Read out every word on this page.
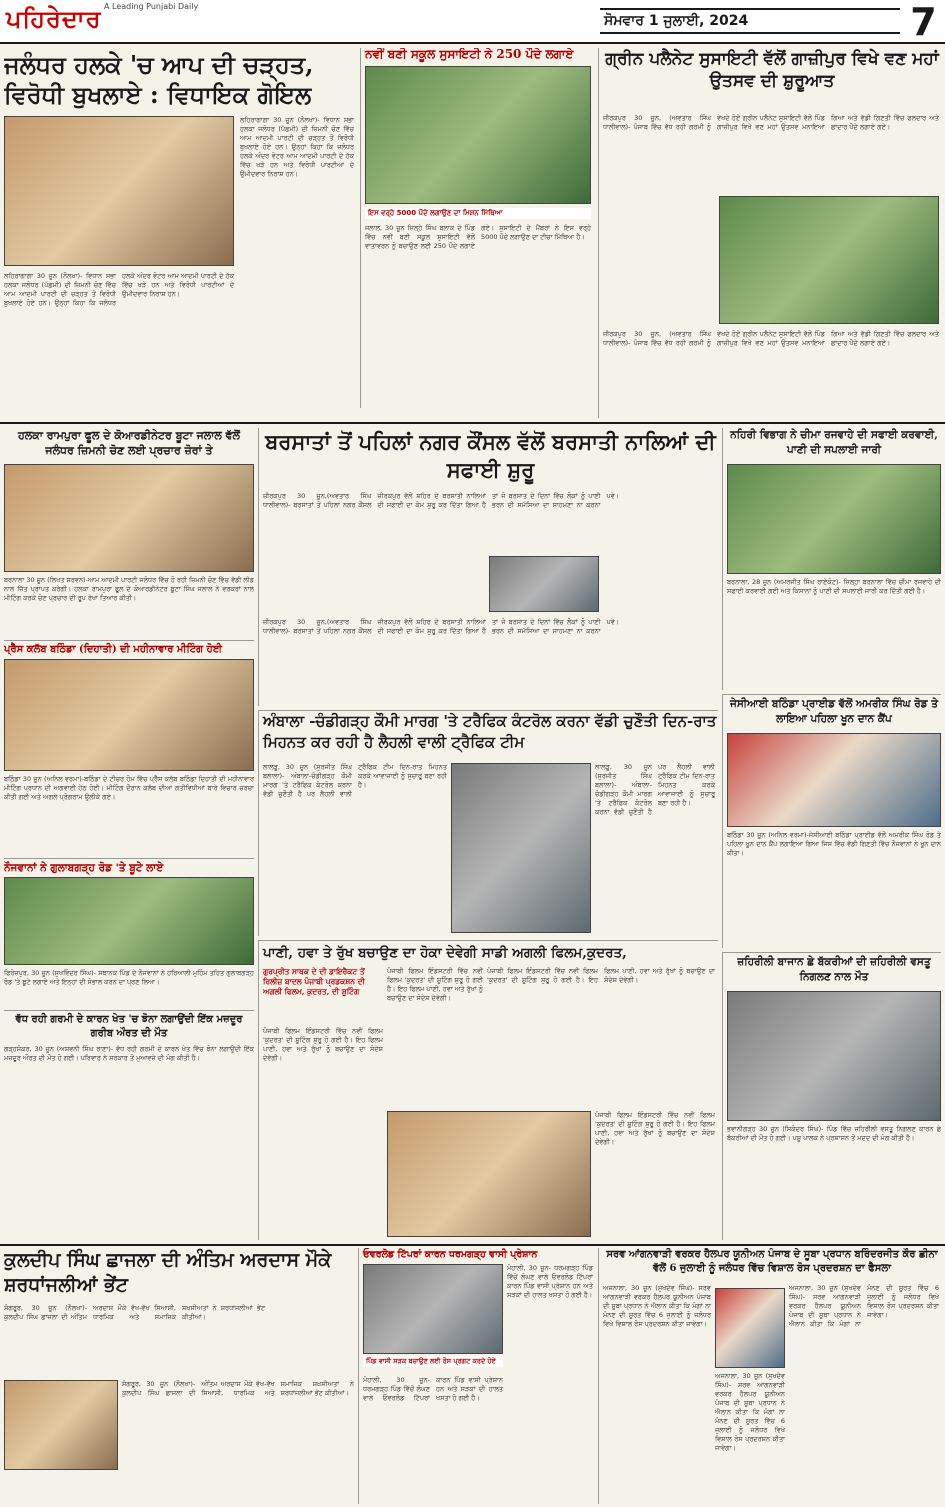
ਪਹਿਰੇਦਾਰ A Leading Punjabi Daily
ਸੋਮਵਾਰ 1 ਜੁਲਾਈ, 2024	7
ਜਲੰਧਰ ਹਲਕੇ 'ਚ ਆਪ ਦੀ ਚੜ੍ਹਤ, ਵਿਰੋਧੀ ਬੁਖਲਾਏ : ਵਿਧਾਇਕ ਗੋਇਲ
ਲਹਿਰਾਗਾਗਾ 30 ਜੂਨ (ਨੌਲਖਾ)- ਵਿਧਾਨ ਸਭਾ ਹਲਕਾ ਜਲੰਧਰ (ਪੱਛਮੀ) ਦੀ ਜ਼ਿਮਨੀ ਚੋਣ ਵਿੱਚ ਆਮ ਆਦਮੀ ਪਾਰਟੀ ਦੀ ਚੜ੍ਹਤ ਤੋਂ ਵਿਰੋਧੀ ਬੁਖਲਾਏ ਹੋਏ ਹਨ। ਉਨ੍ਹਾਂ ਕਿਹਾ ਕਿ ਜਲੰਧਰ ਹਲਕੇ ਅੰਦਰ ਵੋਟਰ ਆਮ ਆਦਮੀ ਪਾਰਟੀ ਦੇ ਹੱਕ ਵਿੱਚ ਖੜੇ ਹਨ ਅਤੇ ਵਿਰੋਧੀ ਪਾਰਟੀਆਂ ਦੇ ਉਮੀਦਵਾਰ ਨਿਰਾਸ਼ ਹਨ।
ਲਹਿਰਾਗਾਗਾ 30 ਜੂਨ (ਨੌਲਖਾ)- ਵਿਧਾਨ ਸਭਾ ਹਲਕਾ ਜਲੰਧਰ (ਪੱਛਮੀ) ਦੀ ਜ਼ਿਮਨੀ ਚੋਣ ਵਿੱਚ ਆਮ ਆਦਮੀ ਪਾਰਟੀ ਦੀ ਚੜ੍ਹਤ ਤੋਂ ਵਿਰੋਧੀ ਬੁਖਲਾਏ ਹੋਏ ਹਨ। ਉਨ੍ਹਾਂ ਕਿਹਾ ਕਿ ਜਲੰਧਰ ਹਲਕੇ ਅੰਦਰ ਵੋਟਰ ਆਮ ਆਦਮੀ ਪਾਰਟੀ ਦੇ ਹੱਕ ਵਿੱਚ ਖੜੇ ਹਨ ਅਤੇ ਵਿਰੋਧੀ ਪਾਰਟੀਆਂ ਦੇ ਉਮੀਦਵਾਰ ਨਿਰਾਸ਼ ਹਨ।
ਨਵੀਂ ਬਣੀ ਸਕੂਲ ਸੁਸਾਇਟੀ ਨੇ 250 ਪੌਦੇ ਲਗਾਏ
ਇਸ ਵਰ੍ਹੇ 5000 ਪੌਦੇ ਲਗਾਉਣ ਦਾ ਮਿਸ਼ਨ ਮਿੱਥਿਆ
ਜਲਾਲ, 30 ਜੂਨ ਜ਼ਿਲ੍ਹੇ ਸਿੰਘ ਬਲਾਕ ਦੇ ਪਿੰਡ ਵਿੱਚ ਨਵੀਂ ਬਣੀ ਸਕੂਲ ਸੁਸਾਇਟੀ ਵੱਲੋਂ ਵਾਤਾਵਰਨ ਨੂੰ ਬਚਾਉਣ ਲਈ 250 ਪੌਦੇ ਲਗਾਏ ਗਏ। ਸੁਸਾਇਟੀ ਦੇ ਮੈਂਬਰਾਂ ਨੇ ਇਸ ਵਰ੍ਹੇ 5000 ਪੌਦੇ ਲਗਾਉਣ ਦਾ ਟੀਚਾ ਮਿੱਥਿਆ ਹੈ।
ਗ੍ਰੀਨ ਪਲੈਨੇਟ ਸੁਸਾਇਟੀ ਵੱਲੋਂ ਗਾਜ਼ੀਪੁਰ ਵਿਖੇ ਵਣ ਮਹਾਂ ਉਤਸਵ ਦੀ ਸ਼ੁਰੂਆਤ
ਜ਼ੀਰਕਪੁਰ 30 ਜੂਨ, (ਅਵਤਾਰ ਸਿੰਘ ਧਾਲੀਵਾਲ)- ਪੰਜਾਬ ਵਿੱਚ ਵੱਧ ਰਹੀ ਗਰਮੀ ਨੂੰ ਵੇਖਦੇ ਹੋਏ ਗ੍ਰੀਨ ਪਲੈਨੇਟ ਸੁਸਾਇਟੀ ਵੱਲੋਂ ਪਿੰਡ ਗਾਜ਼ੀਪੁਰ ਵਿਖੇ ਵਣ ਮਹਾਂ ਉਤਸਵ ਮਨਾਇਆ ਗਿਆ ਅਤੇ ਵੱਡੀ ਗਿਣਤੀ ਵਿੱਚ ਫਲਦਾਰ ਅਤੇ ਛਾਂਦਾਰ ਪੌਦੇ ਲਗਾਏ ਗਏ।
ਜ਼ੀਰਕਪੁਰ 30 ਜੂਨ, (ਅਵਤਾਰ ਸਿੰਘ ਧਾਲੀਵਾਲ)- ਪੰਜਾਬ ਵਿੱਚ ਵੱਧ ਰਹੀ ਗਰਮੀ ਨੂੰ ਵੇਖਦੇ ਹੋਏ ਗ੍ਰੀਨ ਪਲੈਨੇਟ ਸੁਸਾਇਟੀ ਵੱਲੋਂ ਪਿੰਡ ਗਾਜ਼ੀਪੁਰ ਵਿਖੇ ਵਣ ਮਹਾਂ ਉਤਸਵ ਮਨਾਇਆ ਗਿਆ ਅਤੇ ਵੱਡੀ ਗਿਣਤੀ ਵਿੱਚ ਫਲਦਾਰ ਅਤੇ ਛਾਂਦਾਰ ਪੌਦੇ ਲਗਾਏ ਗਏ।
ਹਲਕਾ ਰਾਮਪੁਰਾ ਫੂਲ ਦੇ ਕੋਆਰਡੀਨੇਟਰ ਬੂਟਾ ਜਲਾਲ ਵੱਲੋਂ ਜਲੰਧਰ ਜ਼ਿਮਨੀ ਚੋਣ ਲਈ ਪ੍ਰਚਾਰ ਜ਼ੋਰਾਂ ਤੇ
ਬਰਨਾਲਾ 30 ਜੂਨ (ਲਿਖਤ ਸਰਵਨ)-ਆਮ ਆਦਮੀ ਪਾਰਟੀ ਜਲੰਧਰ ਵਿੱਚ ਹੋ ਰਹੀ ਜ਼ਿਮਨੀ ਚੋਣ ਵਿੱਚ ਵੱਡੀ ਲੀਡ ਨਾਲ ਜਿੱਤ ਪ੍ਰਾਪਤ ਕਰੇਗੀ। ਹਲਕਾ ਰਾਮਪੁਰਾ ਫੂਲ ਦੇ ਕੋਆਰਡੀਨੇਟਰ ਬੂਟਾ ਸਿੰਘ ਜਲਾਲ ਨੇ ਵਰਕਰਾਂ ਨਾਲ ਮੀਟਿੰਗ ਕਰਕੇ ਚੋਣ ਪ੍ਰਚਾਰ ਦੀ ਰੂਪ ਰੇਖਾ ਤਿਆਰ ਕੀਤੀ।
ਬਰਸਾਤਾਂ ਤੋਂ ਪਹਿਲਾਂ ਨਗਰ ਕੌਂਸਲ ਵੱਲੋਂ ਬਰਸਾਤੀ ਨਾਲਿਆਂ ਦੀ ਸਫਾਈ ਸ਼ੁਰੂ
ਜ਼ੀਰਕਪੁਰ 30 ਜੂਨ,(ਅਵਤਾਰ ਸਿੰਘ ਧਾਲੀਵਾਲ)- ਬਰਸਾਤਾਂ ਤੋਂ ਪਹਿਲਾਂ ਨਗਰ ਕੌਂਸਲ ਜ਼ੀਰਕਪੁਰ ਵੱਲੋਂ ਸ਼ਹਿਰ ਦੇ ਬਰਸਾਤੀ ਨਾਲਿਆਂ ਦੀ ਸਫਾਈ ਦਾ ਕੰਮ ਸ਼ੁਰੂ ਕਰ ਦਿੱਤਾ ਗਿਆ ਹੈ ਤਾਂ ਜੋ ਬਰਸਾਤ ਦੇ ਦਿਨਾਂ ਵਿੱਚ ਲੋਕਾਂ ਨੂੰ ਪਾਣੀ ਭਰਨ ਦੀ ਸਮੱਸਿਆ ਦਾ ਸਾਹਮਣਾ ਨਾ ਕਰਨਾ ਪਵੇ।
ਜ਼ੀਰਕਪੁਰ 30 ਜੂਨ,(ਅਵਤਾਰ ਸਿੰਘ ਧਾਲੀਵਾਲ)- ਬਰਸਾਤਾਂ ਤੋਂ ਪਹਿਲਾਂ ਨਗਰ ਕੌਂਸਲ ਜ਼ੀਰਕਪੁਰ ਵੱਲੋਂ ਸ਼ਹਿਰ ਦੇ ਬਰਸਾਤੀ ਨਾਲਿਆਂ ਦੀ ਸਫਾਈ ਦਾ ਕੰਮ ਸ਼ੁਰੂ ਕਰ ਦਿੱਤਾ ਗਿਆ ਹੈ ਤਾਂ ਜੋ ਬਰਸਾਤ ਦੇ ਦਿਨਾਂ ਵਿੱਚ ਲੋਕਾਂ ਨੂੰ ਪਾਣੀ ਭਰਨ ਦੀ ਸਮੱਸਿਆ ਦਾ ਸਾਹਮਣਾ ਨਾ ਕਰਨਾ ਪਵੇ।
ਨਹਿਰੀ ਵਿਭਾਗ ਨੇ ਚੀਮਾ ਰਜਵਾਹੇ ਦੀ ਸਫਾਈ ਕਰਵਾਈ, ਪਾਣੀ ਦੀ ਸਪਲਾਈ ਜਾਰੀ
ਬਰਨਾਲਾ, 28 ਜੂਨ (ਅਮਰਜੀਤ ਸਿੰਘ ਰਾਏਕੋਟ)- ਜ਼ਿਲ੍ਹਾ ਬਰਨਾਲਾ ਵਿੱਚ ਚੀਮਾ ਰਜਵਾਹੇ ਦੀ ਸਫਾਈ ਕਰਵਾਈ ਗਈ ਅਤੇ ਕਿਸਾਨਾਂ ਨੂੰ ਪਾਣੀ ਦੀ ਸਪਲਾਈ ਜਾਰੀ ਕਰ ਦਿੱਤੀ ਗਈ ਹੈ।
ਪ੍ਰੈੱਸ ਕਲੱਬ ਬਠਿੰਡਾ (ਦਿਹਾਤੀ) ਦੀ ਮਹੀਨਾਵਾਰ ਮੀਟਿੰਗ ਹੋਈ
ਬਠਿੰਡਾ 30 ਜੂਨ (ਅਨਿਲ ਵਰਮਾ)-ਬਠਿੰਡਾ ਦੇ ਟੀਚਰ ਹੋਮ ਵਿੱਚ ਪ੍ਰੈੱਸ ਕਲੱਬ ਬਠਿੰਡਾ ਦਿਹਾਤੀ ਦੀ ਮਹੀਨਾਵਾਰ ਮੀਟਿੰਗ ਪ੍ਰਧਾਨ ਦੀ ਅਗਵਾਈ ਹੇਠ ਹੋਈ। ਮੀਟਿੰਗ ਦੌਰਾਨ ਕਲੱਬ ਦੀਆਂ ਗਤੀਵਿਧੀਆਂ ਬਾਰੇ ਵਿਚਾਰ ਚਰਚਾ ਕੀਤੀ ਗਈ ਅਤੇ ਅਗਲੇ ਪ੍ਰੋਗਰਾਮ ਉਲੀਕੇ ਗਏ।
ਅੰਬਾਲਾ -ਚੰਡੀਗੜ੍ਹ ਕੌਮੀ ਮਾਰਗ 'ਤੇ ਟਰੈਫਿਕ ਕੰਟਰੋਲ ਕਰਨਾ ਵੱਡੀ ਚੁਣੌਤੀ ਦਿਨ-ਰਾਤ ਮਿਹਨਤ ਕਰ ਰਹੀ ਹੈ ਲੈਹਲੀ ਵਾਲੀ ਟ੍ਰੈਫਿਕ ਟੀਮ
ਲਾਲੜੂ, 30 ਜੂਨ (ਸੁਰਜੀਤ ਸਿੰਘ ਬਲਾਲਾ)- ਅੰਬਾਲਾ-ਚੰਡੀਗੜ੍ਹ ਕੌਮੀ ਮਾਰਗ 'ਤੇ ਟਰੈਫਿਕ ਕੰਟਰੋਲ ਕਰਨਾ ਵੱਡੀ ਚੁਣੌਤੀ ਹੈ ਪਰ ਲੈਹਲੀ ਵਾਲੀ ਟ੍ਰੈਫਿਕ ਟੀਮ ਦਿਨ-ਰਾਤ ਮਿਹਨਤ ਕਰਕੇ ਆਵਾਜਾਈ ਨੂੰ ਸੁਚਾਰੂ ਬਣਾ ਰਹੀ ਹੈ।
ਲਾਲੜੂ, 30 ਜੂਨ (ਸੁਰਜੀਤ ਸਿੰਘ ਬਲਾਲਾ)- ਅੰਬਾਲਾ-ਚੰਡੀਗੜ੍ਹ ਕੌਮੀ ਮਾਰਗ 'ਤੇ ਟਰੈਫਿਕ ਕੰਟਰੋਲ ਕਰਨਾ ਵੱਡੀ ਚੁਣੌਤੀ ਹੈ ਪਰ ਲੈਹਲੀ ਵਾਲੀ ਟ੍ਰੈਫਿਕ ਟੀਮ ਦਿਨ-ਰਾਤ ਮਿਹਨਤ ਕਰਕੇ ਆਵਾਜਾਈ ਨੂੰ ਸੁਚਾਰੂ ਬਣਾ ਰਹੀ ਹੈ।
ਜੇਸੀਆਈ ਬਠਿੰਡਾ ਪ੍ਰਾਈਡ ਵੱਲੋਂ ਅਮਰੀਕ ਸਿੰਘ ਰੋਡ ਤੇ ਲਾਇਆ ਪਹਿਲਾ ਖੂਨ ਦਾਨ ਕੈਂਪ
ਬਠਿੰਡਾ 30 ਜੂਨ (ਅਨਿਲ ਵਰਮਾ)-ਜੇਸੀਆਈ ਬਠਿੰਡਾ ਪ੍ਰਾਈਡ ਵੱਲੋਂ ਅਮਰੀਕ ਸਿੰਘ ਰੋਡ ਤੇ ਪਹਿਲਾ ਖੂਨ ਦਾਨ ਕੈਂਪ ਲਗਾਇਆ ਗਿਆ ਜਿਸ ਵਿੱਚ ਵੱਡੀ ਗਿਣਤੀ ਵਿੱਚ ਨੌਜਵਾਨਾਂ ਨੇ ਖੂਨ ਦਾਨ ਕੀਤਾ।
ਨੌਜਵਾਨਾਂ ਨੇ ਗੁਲਾਬਗੜ੍ਹ ਰੋਡ 'ਤੇ ਬੂਟੇ ਲਾਏ
ਫਿਰੋਜ਼ਪੁਰ, 30 ਜੂਨ (ਸੁਖਵਿੰਦਰ ਸਿੰਘ)- ਸਥਾਨਕ ਪਿੰਡ ਦੇ ਨੌਜਵਾਨਾਂ ਨੇ ਹਰਿਆਲੀ ਮੁਹਿੰਮ ਤਹਿਤ ਗੁਲਾਬਗੜ੍ਹ ਰੋਡ 'ਤੇ ਬੂਟੇ ਲਗਾਏ ਅਤੇ ਇਨ੍ਹਾਂ ਦੀ ਸੰਭਾਲ ਕਰਨ ਦਾ ਪ੍ਰਣ ਲਿਆ।
ਪਾਣੀ, ਹਵਾ ਤੇ ਰੁੱਖ ਬਚਾਉਣ ਦਾ ਹੋਕਾ ਦੇਵੇਗੀ ਸਾਡੀ ਅਗਲੀ ਫਿਲਮ,ਕੁਦਰਤ,
ਗੁਰਪ੍ਰੀਤ ਸਾਥਕ ਦੇ ਦੀ ਡਾਇਰੈਕਟ ਤੋਂ ਰਿਲੀਜ਼ ਬਾਦਲ ਪੰਜਾਬੀ ਪ੍ਰਡਕਸ਼ਨ ਦੀ ਅਗਲੀ ਫਿਲਮ, ਕੁਦਰਤ, ਦੀ ਸ਼ੂਟਿੰਗ
ਪੰਜਾਬੀ ਫਿਲਮ ਇੰਡਸਟਰੀ ਵਿੱਚ ਨਵੀਂ ਫਿਲਮ 'ਕੁਦਰਤ' ਦੀ ਸ਼ੂਟਿੰਗ ਸ਼ੁਰੂ ਹੋ ਗਈ ਹੈ। ਇਹ ਫਿਲਮ ਪਾਣੀ, ਹਵਾ ਅਤੇ ਰੁੱਖਾਂ ਨੂੰ ਬਚਾਉਣ ਦਾ ਸੰਦੇਸ਼ ਦੇਵੇਗੀ।
ਪੰਜਾਬੀ ਫਿਲਮ ਇੰਡਸਟਰੀ ਵਿੱਚ ਨਵੀਂ ਫਿਲਮ 'ਕੁਦਰਤ' ਦੀ ਸ਼ੂਟਿੰਗ ਸ਼ੁਰੂ ਹੋ ਗਈ ਹੈ। ਇਹ ਫਿਲਮ ਪਾਣੀ, ਹਵਾ ਅਤੇ ਰੁੱਖਾਂ ਨੂੰ ਬਚਾਉਣ ਦਾ ਸੰਦੇਸ਼ ਦੇਵੇਗੀ।
ਪੰਜਾਬੀ ਫਿਲਮ ਇੰਡਸਟਰੀ ਵਿੱਚ ਨਵੀਂ ਫਿਲਮ 'ਕੁਦਰਤ' ਦੀ ਸ਼ੂਟਿੰਗ ਸ਼ੁਰੂ ਹੋ ਗਈ ਹੈ। ਇਹ ਫਿਲਮ ਪਾਣੀ, ਹਵਾ ਅਤੇ ਰੁੱਖਾਂ ਨੂੰ ਬਚਾਉਣ ਦਾ ਸੰਦੇਸ਼ ਦੇਵੇਗੀ।
ਪੰਜਾਬੀ ਫਿਲਮ ਇੰਡਸਟਰੀ ਵਿੱਚ ਨਵੀਂ ਫਿਲਮ 'ਕੁਦਰਤ' ਦੀ ਸ਼ੂਟਿੰਗ ਸ਼ੁਰੂ ਹੋ ਗਈ ਹੈ। ਇਹ ਫਿਲਮ ਪਾਣੀ, ਹਵਾ ਅਤੇ ਰੁੱਖਾਂ ਨੂੰ ਬਚਾਉਣ ਦਾ ਸੰਦੇਸ਼ ਦੇਵੇਗੀ।
ਜ਼ਹਿਰੀਲੀ ਬਾਜਾਨ ਛੇ ਬੱਕਰੀਆਂ ਦੀ ਜ਼ਹਿਰੀਲੀ ਵਸਤੂ ਨਿਗਲਣ ਨਾਲ ਮੌਤ
ਭਵਾਨੀਗੜ੍ਹ 30 ਜੂਨ (ਸਿਕੰਦਰ ਸਿੰਘ)- ਪਿੰਡ ਵਿੱਚ ਜ਼ਹਿਰੀਲੀ ਵਸਤੂ ਨਿਗਲਣ ਕਾਰਨ ਛੇ ਬੱਕਰੀਆਂ ਦੀ ਮੌਤ ਹੋ ਗਈ। ਪਸ਼ੂ ਪਾਲਕ ਨੇ ਪ੍ਰਸ਼ਾਸਨ ਤੋਂ ਮਦਦ ਦੀ ਮੰਗ ਕੀਤੀ ਹੈ।
ਵੱਧ ਰਹੀ ਗਰਮੀ ਦੇ ਕਾਰਨ ਖੇਤ 'ਚ ਝੋਨਾ ਲਗਾਉਂਦੀ ਇੱਕ ਮਜ਼ਦੂਰ ਗਰੀਬ ਔਰਤ ਦੀ ਮੌਤ
ਗੜ੍ਹਸ਼ੰਕਰ, 30 ਜੂਨ (ਅਸ਼ਵਨੀ ਸਿੰਘ ਰਾਣਾ)- ਵੱਧ ਰਹੀ ਗਰਮੀ ਦੇ ਕਾਰਨ ਖੇਤ ਵਿੱਚ ਝੋਨਾ ਲਗਾਉਂਦੀ ਇੱਕ ਮਜ਼ਦੂਰ ਔਰਤ ਦੀ ਮੌਤ ਹੋ ਗਈ। ਪਰਿਵਾਰ ਨੇ ਸਰਕਾਰ ਤੋਂ ਮੁਆਵਜ਼ੇ ਦੀ ਮੰਗ ਕੀਤੀ ਹੈ।
ਕੁਲਦੀਪ ਸਿੰਘ ਛਾਜਲਾ ਦੀ ਅੰਤਿਮ ਅਰਦਾਸ ਮੌਕੇ ਸ਼ਰਧਾਂਜਲੀਆਂ ਭੇਂਟ
ਸੰਗਰੂਰ, 30 ਜੂਨ (ਨੌਲਖਾ)- ਕੁਲਦੀਪ ਸਿੰਘ ਛਾਜਲਾ ਦੀ ਅੰਤਿਮ ਅਰਦਾਸ ਮੌਕੇ ਵੱਖ-ਵੱਖ ਸਿਆਸੀ, ਧਾਰਮਿਕ ਅਤੇ ਸਮਾਜਿਕ ਸ਼ਖ਼ਸੀਅਤਾਂ ਨੇ ਸ਼ਰਧਾਂਜਲੀਆਂ ਭੇਂਟ ਕੀਤੀਆਂ।
ਸੰਗਰੂਰ, 30 ਜੂਨ (ਨੌਲਖਾ)- ਕੁਲਦੀਪ ਸਿੰਘ ਛਾਜਲਾ ਦੀ ਅੰਤਿਮ ਅਰਦਾਸ ਮੌਕੇ ਵੱਖ-ਵੱਖ ਸਿਆਸੀ, ਧਾਰਮਿਕ ਅਤੇ ਸਮਾਜਿਕ ਸ਼ਖ਼ਸੀਅਤਾਂ ਨੇ ਸ਼ਰਧਾਂਜਲੀਆਂ ਭੇਂਟ ਕੀਤੀਆਂ।
ਓਵਰਲੋਡ ਟਿੱਪਰਾਂ ਕਾਰਨ ਧਰਮਗੜ੍ਹ ਵਾਸੀ ਪ੍ਰੇਸ਼ਾਨ
ਪਿੰਡ ਵਾਸੀ ਸੜਕ ਬਚਾਉਣ ਲਈ ਰੋਸ ਪ੍ਰਗਟ ਕਰਦੇ ਹੋਏ
ਮੋਹਾਲੀ, 30 ਜੂਨ- ਧਰਮਗੜ੍ਹ ਪਿੰਡ ਵਿੱਚੋਂ ਲੰਘਣ ਵਾਲੇ ਓਵਰਲੋਡ ਟਿੱਪਰਾਂ ਕਾਰਨ ਪਿੰਡ ਵਾਸੀ ਪ੍ਰੇਸ਼ਾਨ ਹਨ ਅਤੇ ਸੜਕਾਂ ਦੀ ਹਾਲਤ ਖਸਤਾ ਹੋ ਗਈ ਹੈ।
ਮੋਹਾਲੀ, 30 ਜੂਨ- ਧਰਮਗੜ੍ਹ ਪਿੰਡ ਵਿੱਚੋਂ ਲੰਘਣ ਵਾਲੇ ਓਵਰਲੋਡ ਟਿੱਪਰਾਂ ਕਾਰਨ ਪਿੰਡ ਵਾਸੀ ਪ੍ਰੇਸ਼ਾਨ ਹਨ ਅਤੇ ਸੜਕਾਂ ਦੀ ਹਾਲਤ ਖਸਤਾ ਹੋ ਗਈ ਹੈ।
ਸਰਵ ਆਂਗਨਵਾੜੀ ਵਰਕਰ ਹੈਲਪਰ ਯੂਨੀਅਨ ਪੰਜਾਬ ਦੇ ਸੂਬਾ ਪ੍ਰਧਾਨ ਬਰਿੰਦਰਜੀਤ ਕੌਰ ਛੀਨਾ ਵੱਲੋਂ 6 ਜੁਲਾਈ ਨੂੰ ਜਲੰਧਰ ਵਿੱਚ ਵਿਸ਼ਾਲ ਰੋਸ ਪ੍ਰਦਰਸ਼ਨ ਦਾ ਫੈਸਲਾ
ਅਜਨਾਲਾ, 30 ਜੂਨ (ਸੁਖਦੇਵ ਸਿੰਘ)- ਸਰਵ ਆਂਗਨਵਾੜੀ ਵਰਕਰ ਹੈਲਪਰ ਯੂਨੀਅਨ ਪੰਜਾਬ ਦੀ ਸੂਬਾ ਪ੍ਰਧਾਨ ਨੇ ਐਲਾਨ ਕੀਤਾ ਕਿ ਮੰਗਾਂ ਨਾ ਮੰਨਣ ਦੀ ਸੂਰਤ ਵਿੱਚ 6 ਜੁਲਾਈ ਨੂੰ ਜਲੰਧਰ ਵਿਖੇ ਵਿਸ਼ਾਲ ਰੋਸ ਪ੍ਰਦਰਸ਼ਨ ਕੀਤਾ ਜਾਵੇਗਾ।
ਅਜਨਾਲਾ, 30 ਜੂਨ (ਸੁਖਦੇਵ ਸਿੰਘ)- ਸਰਵ ਆਂਗਨਵਾੜੀ ਵਰਕਰ ਹੈਲਪਰ ਯੂਨੀਅਨ ਪੰਜਾਬ ਦੀ ਸੂਬਾ ਪ੍ਰਧਾਨ ਨੇ ਐਲਾਨ ਕੀਤਾ ਕਿ ਮੰਗਾਂ ਨਾ ਮੰਨਣ ਦੀ ਸੂਰਤ ਵਿੱਚ 6 ਜੁਲਾਈ ਨੂੰ ਜਲੰਧਰ ਵਿਖੇ ਵਿਸ਼ਾਲ ਰੋਸ ਪ੍ਰਦਰਸ਼ਨ ਕੀਤਾ ਜਾਵੇਗਾ।
ਅਜਨਾਲਾ, 30 ਜੂਨ (ਸੁਖਦੇਵ ਸਿੰਘ)- ਸਰਵ ਆਂਗਨਵਾੜੀ ਵਰਕਰ ਹੈਲਪਰ ਯੂਨੀਅਨ ਪੰਜਾਬ ਦੀ ਸੂਬਾ ਪ੍ਰਧਾਨ ਨੇ ਐਲਾਨ ਕੀਤਾ ਕਿ ਮੰਗਾਂ ਨਾ ਮੰਨਣ ਦੀ ਸੂਰਤ ਵਿੱਚ 6 ਜੁਲਾਈ ਨੂੰ ਜਲੰਧਰ ਵਿਖੇ ਵਿਸ਼ਾਲ ਰੋਸ ਪ੍ਰਦਰਸ਼ਨ ਕੀਤਾ ਜਾਵੇਗਾ।
